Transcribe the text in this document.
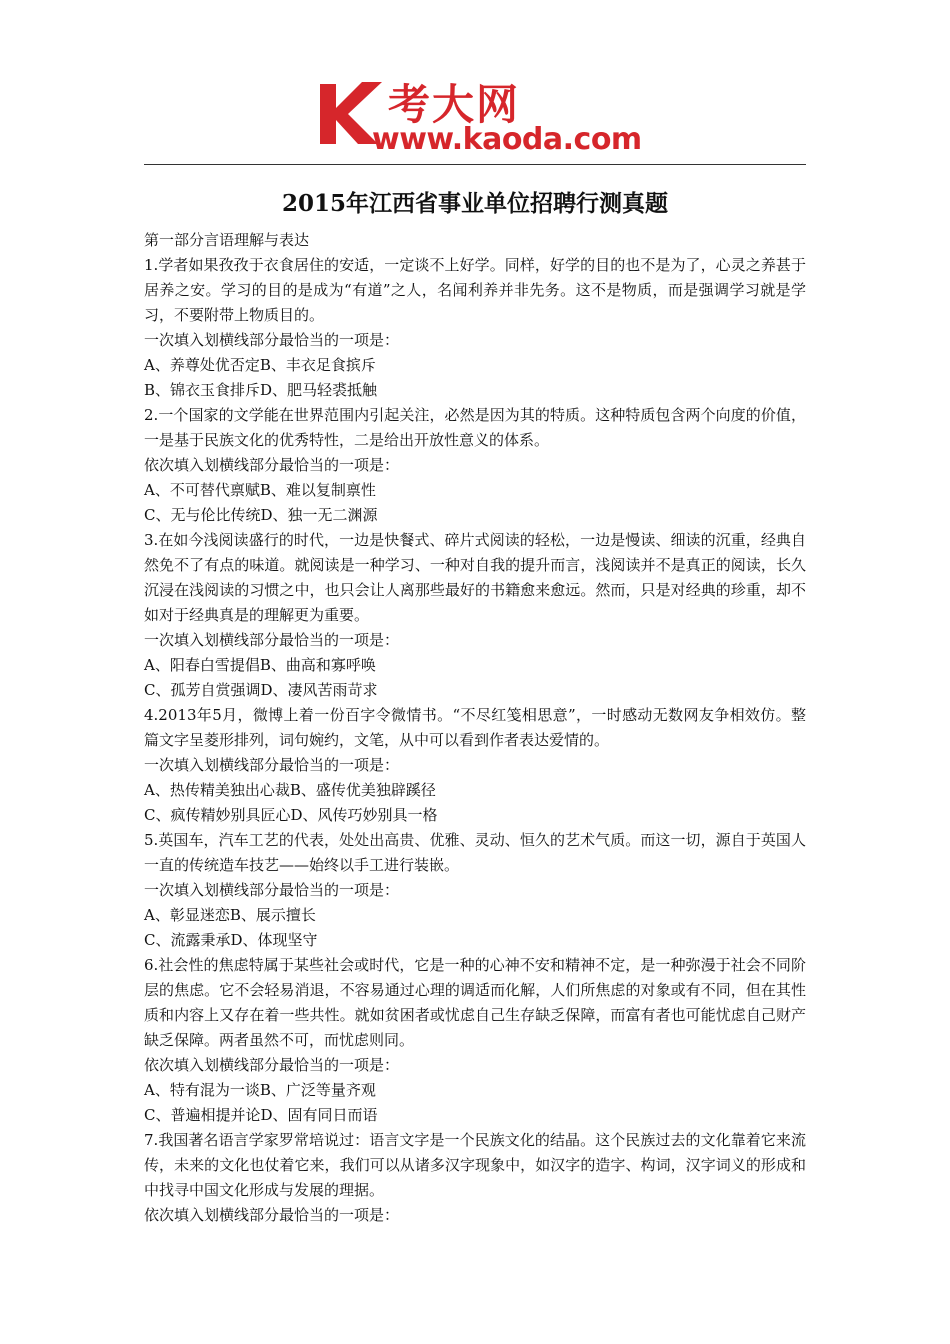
考大网
www.kaoda.com
2015年江西省事业单位招聘行测真题

第一部分言语理解与表达

1.学者如果孜孜于衣食居住的安适，一定谈不上好学。同样，好学的目的也不是为了，心灵之养甚于居养之安。学习的目的是成为“有道”之人，名闻利养并非先务。这不是物质，而是强调学习就是学习，不要附带上物质目的。

一次填入划横线部分最恰当的一项是：

A、养尊处优否定B、丰衣足食摈斥

B、锦衣玉食排斥D、肥马轻裘抵触

2.一个国家的文学能在世界范围内引起关注，必然是因为其的特质。这种特质包含两个向度的价值，一是基于民族文化的优秀特性，二是给出开放性意义的体系。

依次填入划横线部分最恰当的一项是：

A、不可替代禀赋B、难以复制禀性

C、无与伦比传统D、独一无二渊源

3.在如今浅阅读盛行的时代，一边是快餐式、碎片式阅读的轻松，一边是慢读、细读的沉重，经典自然免不了有点的味道。就阅读是一种学习、一种对自我的提升而言，浅阅读并不是真正的阅读，长久沉浸在浅阅读的习惯之中，也只会让人离那些最好的书籍愈来愈远。然而，只是对经典的珍重，却不如对于经典真是的理解更为重要。

一次填入划横线部分最恰当的一项是：

A、阳春白雪提倡B、曲高和寡呼唤

C、孤芳自赏强调D、凄风苦雨苛求

4.2013年5月，微博上着一份百字令微情书。“不尽红笺相思意”，一时感动无数网友争相效仿。整篇文字呈菱形排列，词句婉约，文笔，从中可以看到作者表达爱情的。

一次填入划横线部分最恰当的一项是：

A、热传精美独出心裁B、盛传优美独辟蹊径

C、疯传精妙别具匠心D、风传巧妙别具一格

5.英国车，汽车工艺的代表，处处出高贵、优雅、灵动、恒久的艺术气质。而这一切，源自于英国人一直的传统造车技艺——始终以手工进行装嵌。

一次填入划横线部分最恰当的一项是：

A、彰显迷恋B、展示擅长

C、流露秉承D、体现坚守

6.社会性的焦虑特属于某些社会或时代，它是一种的心神不安和精神不定，是一种弥漫于社会不同阶层的焦虑。它不会轻易消退，不容易通过心理的调适而化解，人们所焦虑的对象或有不同，但在其性质和内容上又存在着一些共性。就如贫困者或忧虑自己生存缺乏保障，而富有者也可能忧虑自己财产缺乏保障。两者虽然不可，而忧虑则同。

依次填入划横线部分最恰当的一项是：

A、特有混为一谈B、广泛等量齐观

C、普遍相提并论D、固有同日而语

7.我国著名语言学家罗常培说过：语言文字是一个民族文化的结晶。这个民族过去的文化靠着它来流传，未来的文化也仗着它来，我们可以从诸多汉字现象中，如汉字的造字、构词，汉字词义的形成和中找寻中国文化形成与发展的理据。

依次填入划横线部分最恰当的一项是：
